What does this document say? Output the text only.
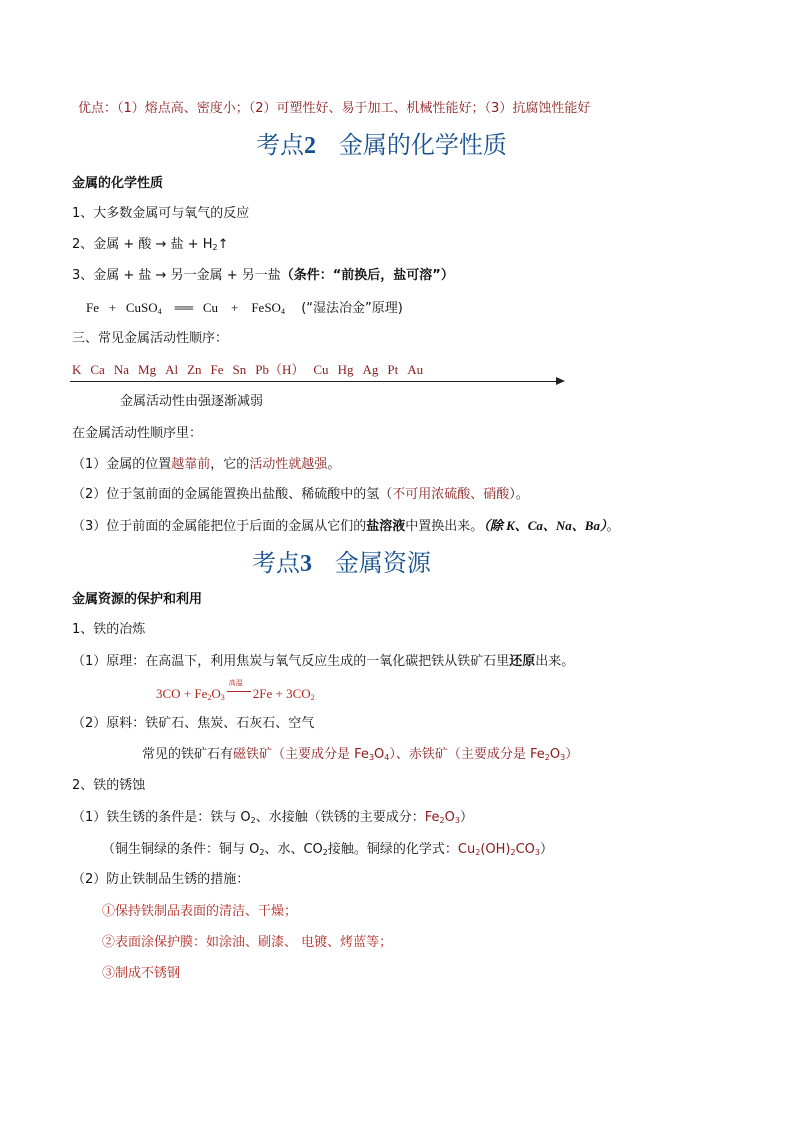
优点：（1）熔点高、密度小；（2）可塑性好、易于加工、机械性能好；（3）抗腐蚀性能好
考点2 金属的化学性质
金属的化学性质
1、大多数金属可与氧气的反应
2、金属 + 酸 → 盐 + $H_2↑$
3、金属 + 盐 → 另一金属 + 另一盐（条件：“前换后，盐可溶”）
Fe + CuSO$_4$ ══ Cu + FeSO$_4$ (“湿法冶金”原理)
三、常见金属活动性顺序：
K Ca Na Mg Al Zn Fe Sn Pb（H） Cu Hg Ag Pt Au
金属活动性由强逐渐减弱
在金属活动性顺序里：
（1）金属的位置越靠前，它的活动性就越强。
（2）位于氢前面的金属能置换出盐酸、稀硫酸中的氢（不可用浓硫酸、硝酸）。
（3）位于前面的金属能把位于后面的金属从它们的盐溶液中置换出来。（除 K、Ca、Na、Ba）。
考点3 金属资源
金属资源的保护和利用
1、铁的冶炼
（1）原理：在高温下，利用焦炭与氧气反应生成的一氧化碳把铁从铁矿石里还原出来。
$3CO + Fe_2O_3$
高温
$2Fe + 3CO_2$
（2）原料：铁矿石、焦炭、石灰石、空气
常见的铁矿石有磁铁矿（主要成分是 $Fe_3O_4$）、赤铁矿（主要成分是 $Fe_2O_3$）
2、铁的锈蚀
（1）铁生锈的条件是：铁与 $O_2$、水接触（铁锈的主要成分：$Fe_2O_3$）
（铜生铜绿的条件：铜与 $O_2$、水、$CO_2$接触。铜绿的化学式：$Cu_2(OH)_2CO_3$）
（2）防止铁制品生锈的措施：
①保持铁制品表面的清洁、干燥；
②表面涂保护膜：如涂油、刷漆、 电镀、烤蓝等；
③制成不锈钢
